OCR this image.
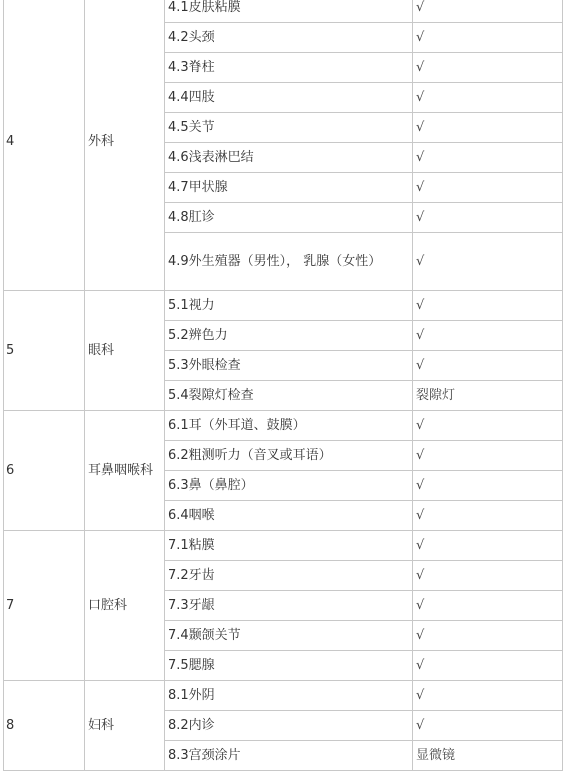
4	外科	4.1皮肤粘膜	√
		4.2头颈	√
		4.3脊柱	√
		4.4四肢	√
		4.5关节	√
		4.6浅表淋巴结	√
		4.7甲状腺	√
		4.8肛诊	√
		4.9外生殖器（男性）， 乳腺（女性）	√
5	眼科	5.1视力	√
		5.2辨色力	√
		5.3外眼检查	√
		5.4裂隙灯检查	裂隙灯
6	耳鼻咽喉科	6.1耳（外耳道、鼓膜）	√
		6.2粗测听力（音叉或耳语）	√
		6.3鼻（鼻腔）	√
		6.4咽喉	√
7	口腔科	7.1粘膜	√
		7.2牙齿	√
		7.3牙龈	√
		7.4颞颌关节	√
		7.5腮腺	√
8	妇科	8.1外阴	√
		8.2内诊	√
		8.3宫颈涂片	显微镜
